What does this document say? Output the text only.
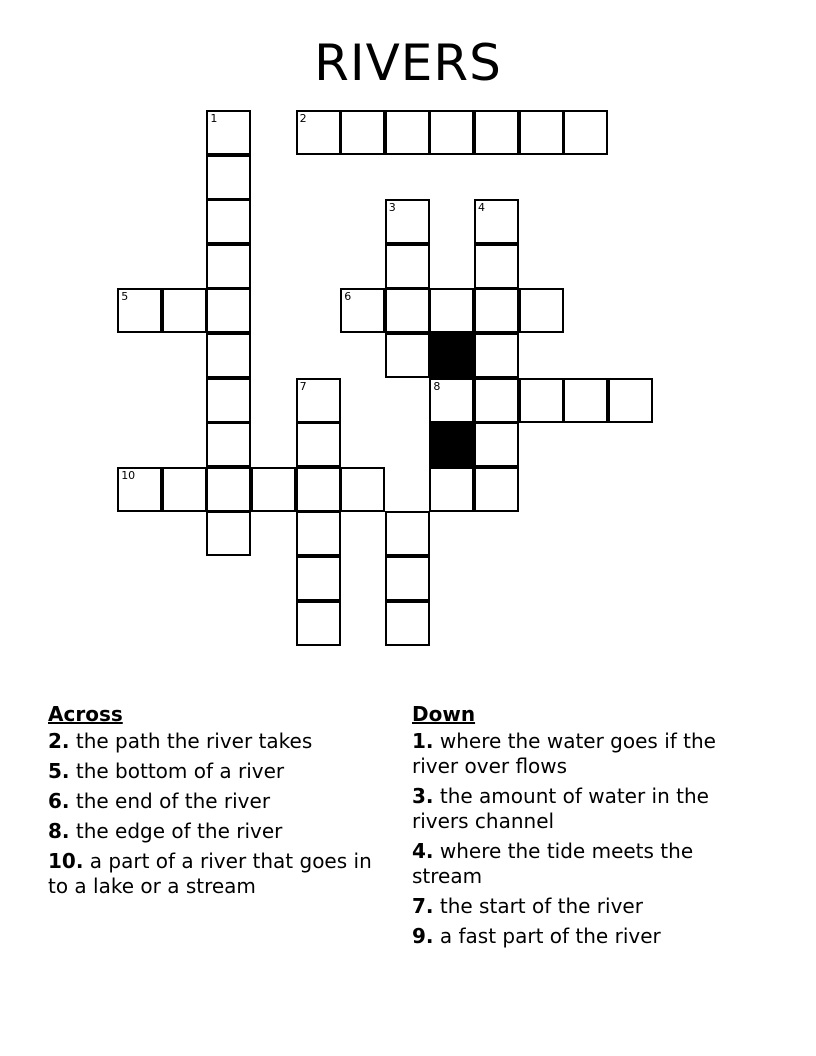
RIVERS
1	2
3	4
5	6
8
7
10
Across
2. the path the river takes
5. the bottom of a river
6. the end of the river
8. the edge of the river
10. a part of a river that goes in to a lake or a stream
Down
1. where the water goes if the river over flows
3. the amount of water in the rivers channel
4. where the tide meets the stream
7. the start of the river
9. a fast part of the river
